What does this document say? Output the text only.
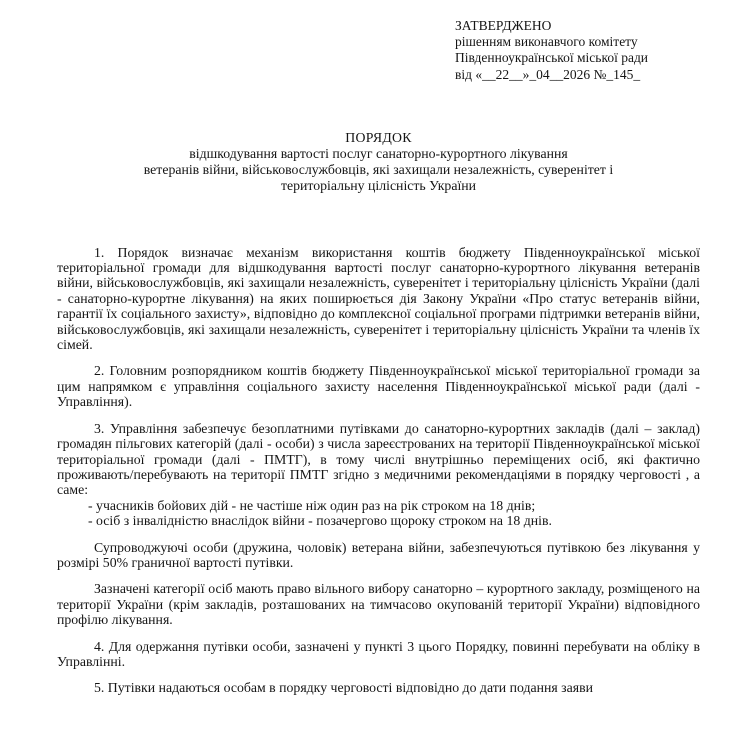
ЗАТВЕРДЖЕНО
рішенням виконавчого комітету
Південноукраїнської міської ради
від «__22__»_04__2026 №_145_
ПОРЯДОК
відшкодування вартості послуг санаторно-курортного лікування
ветеранів війни, військовослужбовців, які захищали незалежність, суверенітет і
територіальну цілісність України

1. Порядок визначає механізм використання коштів бюджету Південноукраїнської міської територіальної громади для відшкодування вартості послуг санаторно-курортного лікування ветеранів війни, військовослужбовців, які захищали незалежність, суверенітет і територіальну цілісність України (далі - санаторно-курортне лікування) на яких поширюється дія Закону України «Про статус ветеранів війни, гарантії їх соціального захисту», відповідно до комплексної соціальної програми підтримки ветеранів війни, військовослужбовців, які захищали незалежність, суверенітет і територіальну цілісність України та членів їх сімей.

2. Головним розпорядником коштів бюджету Південноукраїнської міської територіальної громади за цим напрямком є управління соціального захисту населення Південноукраїнської міської ради (далі - Управління).

3. Управління забезпечує безоплатними путівками до санаторно-курортних закладів (далі – заклад) громадян пільгових категорій (далі - особи) з числа зареєстрованих на території Південноукраїнської міської територіальної громади (далі - ПМТГ), в тому числі внутрішньо переміщених осіб, які фактично проживають/перебувають на території ПМТГ згідно з медичними рекомендаціями в порядку черговості , а саме:

- учасників бойових дій - не частіше ніж один раз на рік строком на 18 днів;
- осіб з інвалідністю внаслідок війни - позачергово щороку строком на 18 днів.

Супроводжуючі особи (дружина, чоловік) ветерана війни, забезпечуються путівкою без лікування у розмірі 50% граничної вартості путівки.

Зазначені категорії осіб мають право вільного вибору санаторно – курортного закладу, розміщеного на території України (крім закладів, розташованих на тимчасово окупованій території України) відповідного профілю лікування.

4. Для одержання путівки особи, зазначені у пункті 3 цього Порядку, повинні перебувати на обліку в Управлінні.

5. Путівки надаються особам в порядку черговості відповідно до дати подання заяви
